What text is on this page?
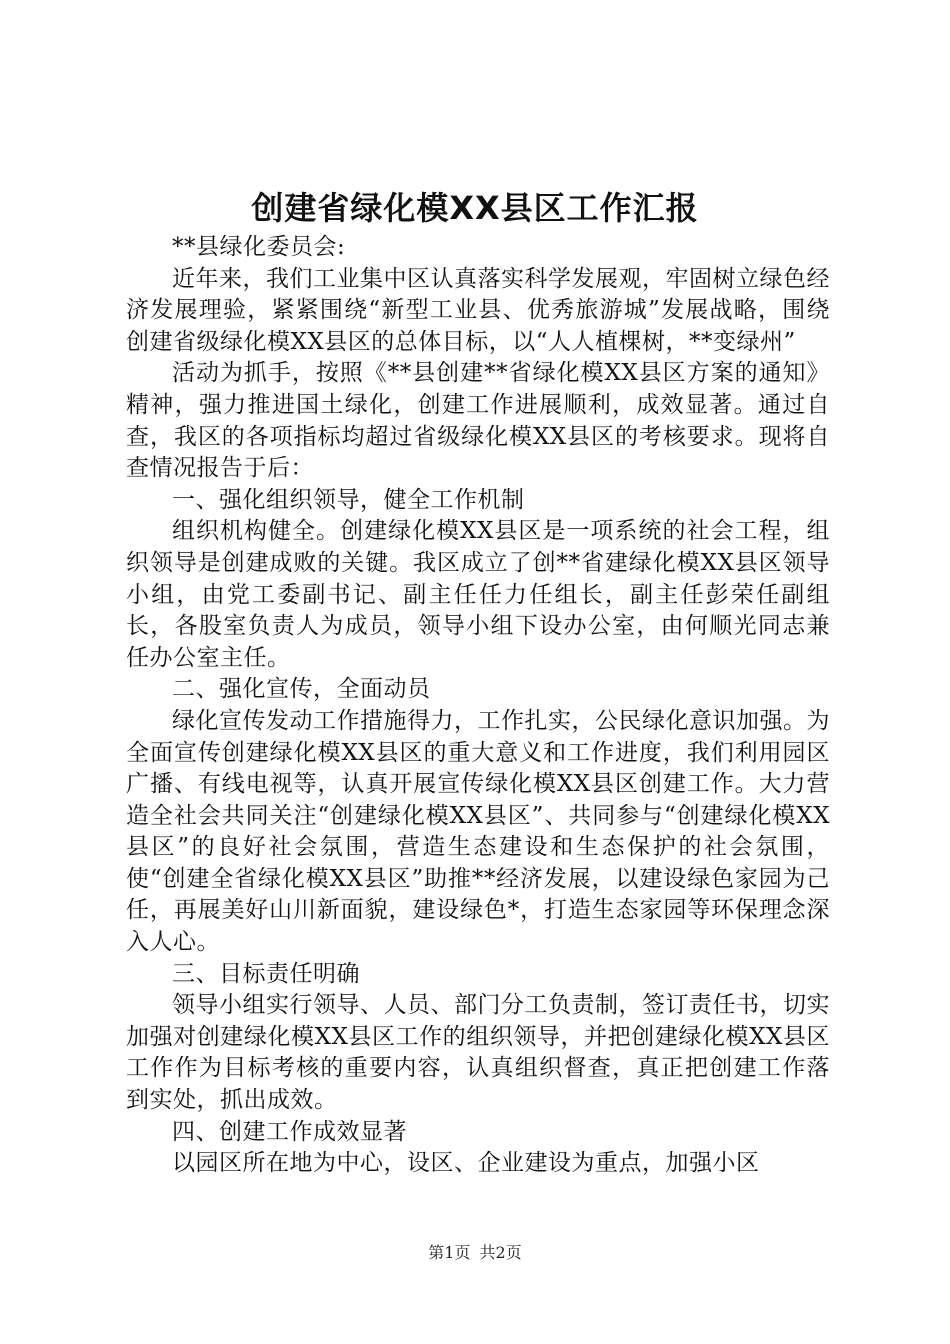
创建省绿化模XX县区工作汇报

**县绿化委员会:

近年来，我们工业集中区认真落实科学发展观，牢固树立绿色经济发展理验，紧紧围绕“新型工业县、优秀旅游城”发展战略，围绕创建省级绿化模XX县区的总体目标，以“人人植棵树，**变绿州”

活动为抓手，按照《**县创建**省绿化模XX县区方案的通知》精神，强力推进国土绿化，创建工作进展顺利，成效显著。通过自查，我区的各项指标均超过省级绿化模XX县区的考核要求。现将自查情况报告于后：

一、强化组织领导，健全工作机制

组织机构健全。创建绿化模XX县区是一项系统的社会工程，组织领导是创建成败的关键。我区成立了创**省建绿化模XX县区领导小组，由党工委副书记、副主任任力任组长，副主任彭荣任副组长，各股室负责人为成员，领导小组下设办公室，由何顺光同志兼任办公室主任。

二、强化宣传，全面动员

绿化宣传发动工作措施得力，工作扎实，公民绿化意识加强。为全面宣传创建绿化模XX县区的重大意义和工作进度，我们利用园区广播、有线电视等，认真开展宣传绿化模XX县区创建工作。大力营造全社会共同关注“创建绿化模XX县区”、共同参与“创建绿化模XX县区”的良好社会氛围，营造生态建设和生态保护的社会氛围，使“创建全省绿化模XX县区”助推**经济发展，以建设绿色家园为己任，再展美好山川新面貌，建设绿色*，打造生态家园等环保理念深入人心。

三、目标责任明确

领导小组实行领导、人员、部门分工负责制，签订责任书，切实加强对创建绿化模XX县区工作的组织领导，并把创建绿化模XX县区工作作为目标考核的重要内容，认真组织督查，真正把创建工作落到实处，抓出成效。

四、创建工作成效显著

以园区所在地为中心，设区、企业建设为重点，加强小区

第1页 共2页
